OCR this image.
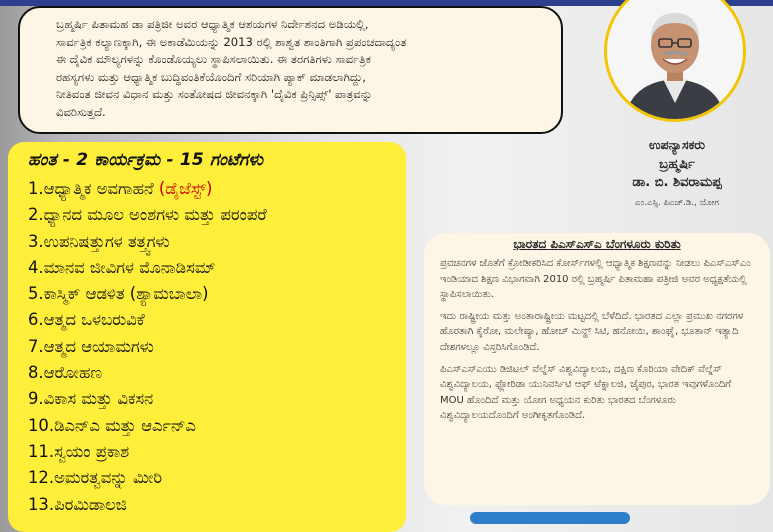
ಬ್ರಹ್ಮರ್ಷಿ ಪಿತಾಮಹ ಡಾ ಪತ್ರಿಜೀ ಅವರ ಆಧ್ಯಾತ್ಮಿಕ ಆಶಯಗಳ ನಿರ್ದೇಶನದ ಅಡಿಯಲ್ಲಿ,

ಸಾರ್ವತ್ರಿಕ ಕಲ್ಯಾಣಕ್ಕಾಗಿ, ಈ ಅಕಾಡೆಮಿಯನ್ನು 2013 ರಲ್ಲಿ ಶಾಶ್ವತ ಶಾಂತಿಗಾಗಿ ಪ್ರಪಂಚದಾದ್ಯಂತ

ಈ ದೈವಿಕ ಮೌಲ್ಯಗಳನ್ನು ಕೊಂಡೊಯ್ಯಲು ಸ್ಥಾಪಿಸಲಾಯಿತು. ಈ ತರಗತಿಗಳು ಸಾರ್ವತ್ರಿಕ

ರಹಸ್ಯಗಳು ಮತ್ತು ಆಧ್ಯಾತ್ಮಿಕ ಬುದ್ಧಿವಂತಿಕೆಯೊಂದಿಗೆ ಸರಿಯಾಗಿ ಪ್ಯಾಕ್ ಮಾಡಲಾಗಿದ್ದು,

ನೀತಿವಂತ ಜೀವನ ವಿಧಾನ ಮತ್ತು ಸಂತೋಷದ ಜೀವನಕ್ಕಾಗಿ 'ದೈವಿಕ ಪ್ರಿನ್ಸಿಪ್ಸ್' ಪಾತ್ರವನ್ನು

ವಿವರಿಸುತ್ತದೆ.

ಹಂತ - 2 ಕಾರ್ಯಕ್ರಮ - 15 ಗಂಟೆಗಳು
1.ಆಧ್ಯಾತ್ಮಿಕ ಅವಗಾಹನೆ (ಡೈಜೆಸ್ಟ್)
2.ಧ್ಯಾನದ ಮೂಲ ಅಂಶಗಳು ಮತ್ತು ಪರಂಪರೆ
3.ಉಪನಿಷತ್ತುಗಳ ತತ್ತ್ವಗಳು
4.ಮಾನವ ಜೀವಿಗಳ ಮೊನಾಡಿಸಮ್
5.ಕಾಸ್ಮಿಕ್ ಆಡಳಿತ (ಶ್ಯಾಮಬಾಲಾ)
6.ಆತ್ಮದ ಒಳಬರುವಿಕೆ
7.ಆತ್ಮದ ಆಯಾಮಗಳು
8.ಆರೋಹಣ
9.ವಿಕಾಸ ಮತ್ತು ವಿಕಸನ
10.ಡಿಎನ್ಎ ಮತ್ತು ಆರ್ಎನ್ಎ
11.ಸ್ವಯಂ ಪ್ರಕಾಶ
12.ಅಮರತ್ವವನ್ನು ಮೀರಿ
13.ಪಿರಮಿಡಾಲಜಿ
ಉಪನ್ಯಾಸಕರು
ಬ್ರಹ್ಮರ್ಷಿ
ಡಾ. ಬಿ. ಶಿವರಾಮಪ್ಪ
ಎಂ.ಎಸ್ಸಿ. ಪಿಎಚ್.ಡಿ., ಯೋಗ
ಭಾರತದ ಪಿಎಸ್ಎಸ್ಎ ಬೆಂಗಳೂರು ಕುರಿತು

ಪ್ರವಚನಗಳ ಜೊತೆಗೆ ಕ್ರೋಡೀಕರಿಸಿದ ಕೋರ್ಸ್‌ಗಳಲ್ಲಿ ಆಧ್ಯಾತ್ಮಿಕ ಶಿಕ್ಷಣವನ್ನು ನೀಡಲು ಪಿಎಸ್ಎಸ್ಎಂ ಇಂಡಿಯಾದ ಶಿಕ್ಷಣ ವಿಭಾಗವಾಗಿ 2010 ರಲ್ಲಿ ಬ್ರಹ್ಮರ್ಷಿ ಪಿತಾಮಹಾ ಪತ್ರೀಜಿ ಅವರ ಅಧ್ಯಕ್ಷತೆಯಲ್ಲಿ ಸ್ಥಾಪಿಸಲಾಯಿತು.

ಇದು ರಾಷ್ಟ್ರೀಯ ಮತ್ತು ಅಂತಾರಾಷ್ಟ್ರೀಯ ಮಟ್ಟದಲ್ಲಿ ಬೆಳೆದಿದೆ. ಭಾರತದ ಎಲ್ಲಾ ಪ್ರಮುಖ ನಗರಗಳ ಹೊರತಾಗಿ ಕೈರೋ, ಮಲೇಷ್ಯಾ, ಹೋಚ್ ಮಿನ್ಹ್ ಸಿಟಿ, ಹನೋಯಿ, ಶಾಂಘೈ, ಭೂತಾನ್ ಇತ್ಯಾದಿ ದೇಶಗಳಲ್ಲೂ ವಿಸ್ತರಿಸಿಗೊಂಡಿದೆ.

ಪಿಎಸ್ಎಸ್ಎಯು ಡಿಜಿಟಲ್ ವೆಲ್ನೆಸ್ ವಿಶ್ವವಿದ್ಯಾಲಯ, ದಕ್ಷಿಣ ಕೊರಿಯಾ ವೇದಿಕ್ ವೆಲ್ನೆಸ್ ವಿಶ್ವವಿದ್ಯಾಲಯ, ಫ್ಲೋರಿಡಾ ಯುನಿವರ್ಸಿಟಿ ಆಫ್ ಟೆಕ್ನಾಲಜಿ, ಜೈಪುರ, ಭಾರತ ಇವುಗಳೊಂದಿಗೆ MOU ಹೊಂದಿದೆ ಮತ್ತು ಯೋಗ ಅಧ್ಯಯನ ಕುರಿತು ಭಾರತದ ಬೆಂಗಳೂರು ವಿಶ್ವವಿದ್ಯಾಲಯದೊಂದಿಗೆ ಅಂಗೀಕೃತಗೊಂಡಿದೆ.
